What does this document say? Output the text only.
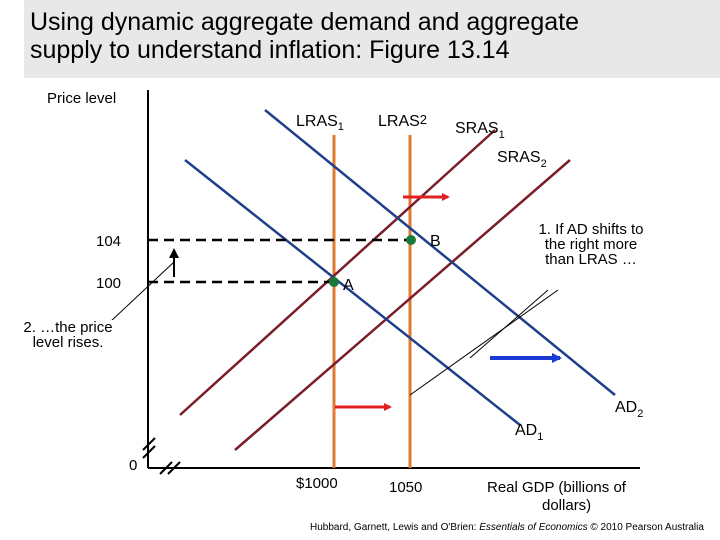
Using dynamic aggregate demand and aggregate
supply to understand inflation: Figure 13.14
Price level
104
100
0
$1000	1050	Real GDP (billions of
dollars)
$LRAS_1$ LRAS2
$SRAS_1$
$SRAS_2$
$AD_1$
$AD_2$
A
B
1. If AD shifts to the right more than LRAS …
2. …the price level rises.
Hubbard, Garnett, Lewis and O'Brien: Essentials of Economics © 2010 Pearson Australia
